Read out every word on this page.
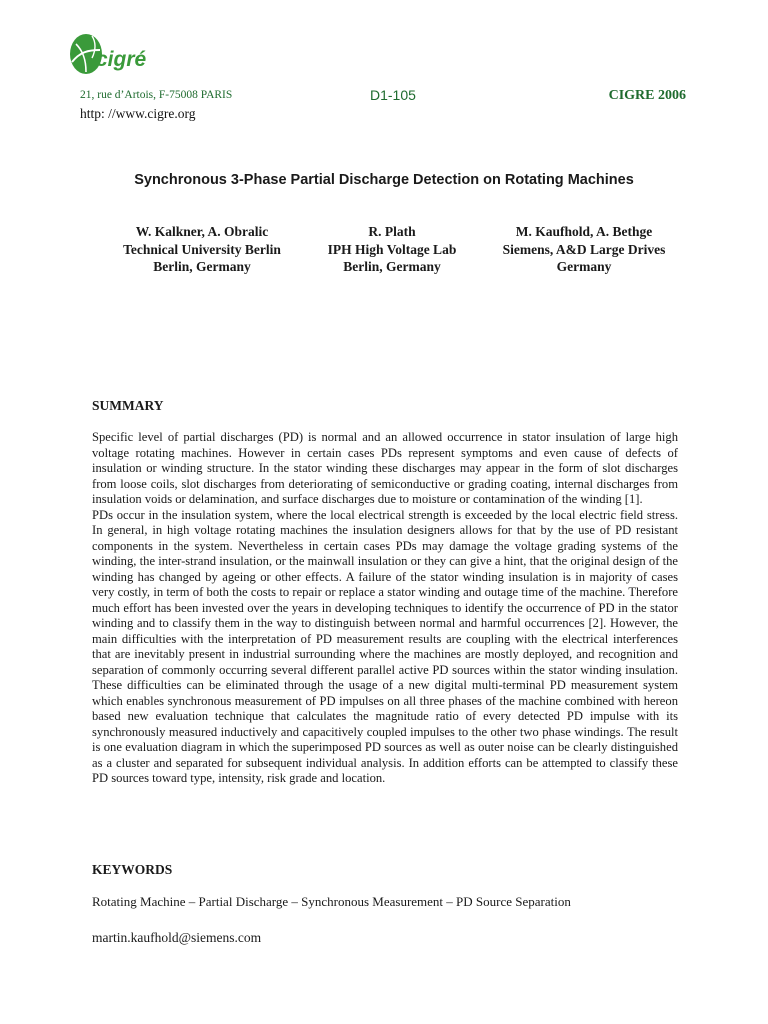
cigré
21, rue d’Artois, F-75008 PARIS
http: //www.cigre.org
D1-105	CIGRE 2006
Synchronous 3-Phase Partial Discharge Detection on Rotating Machines
W. Kalkner, A. Obralic
Technical University Berlin
Berlin, Germany
R. Plath
IPH High Voltage Lab
Berlin, Germany
M. Kaufhold, A. Bethge
Siemens, A&D Large Drives
Germany
SUMMARY

Specific level of partial discharges (PD) is normal and an allowed occurrence in stator insulation of large high voltage rotating machines. However in certain cases PDs represent symptoms and even cause of defects of insulation or winding structure. In the stator winding these discharges may appear in the form of slot discharges from loose coils, slot discharges from deteriorating of semiconductive or grading coating, internal discharges from insulation voids or delamination, and surface discharges due to moisture or contamination of the winding [1].

PDs occur in the insulation system, where the local electrical strength is exceeded by the local electric field stress. In general, in high voltage rotating machines the insulation designers allows for that by the use of PD resistant components in the system. Nevertheless in certain cases PDs may damage the voltage grading systems of the winding, the inter-strand insulation, or the mainwall insulation or they can give a hint, that the original design of the winding has changed by ageing or other effects. A failure of the stator winding insulation is in majority of cases very costly, in term of both the costs to repair or replace a stator winding and outage time of the machine. Therefore much effort has been invested over the years in developing techniques to identify the occurrence of PD in the stator winding and to classify them in the way to distinguish between normal and harmful occurrences [2]. However, the main difficulties with the interpretation of PD measurement results are coupling with the electrical interferences that are inevitably present in industrial surrounding where the machines are mostly deployed, and recognition and separation of commonly occurring several different parallel active PD sources within the stator winding insulation. These difficulties can be eliminated through the usage of a new digital multi-terminal PD measurement system which enables synchronous measurement of PD impulses on all three phases of the machine combined with hereon based new evaluation technique that calculates the magnitude ratio of every detected PD impulse with its synchronously measured inductively and capacitively coupled impulses to the other two phase windings. The result is one evaluation diagram in which the superimposed PD sources as well as outer noise can be clearly distinguished as a cluster and separated for subsequent individual analysis. In addition efforts can be attempted to classify these PD sources toward type, intensity, risk grade and location.

KEYWORDS
Rotating Machine – Partial Discharge – Synchronous Measurement – PD Source Separation
martin.kaufhold@siemens.com
